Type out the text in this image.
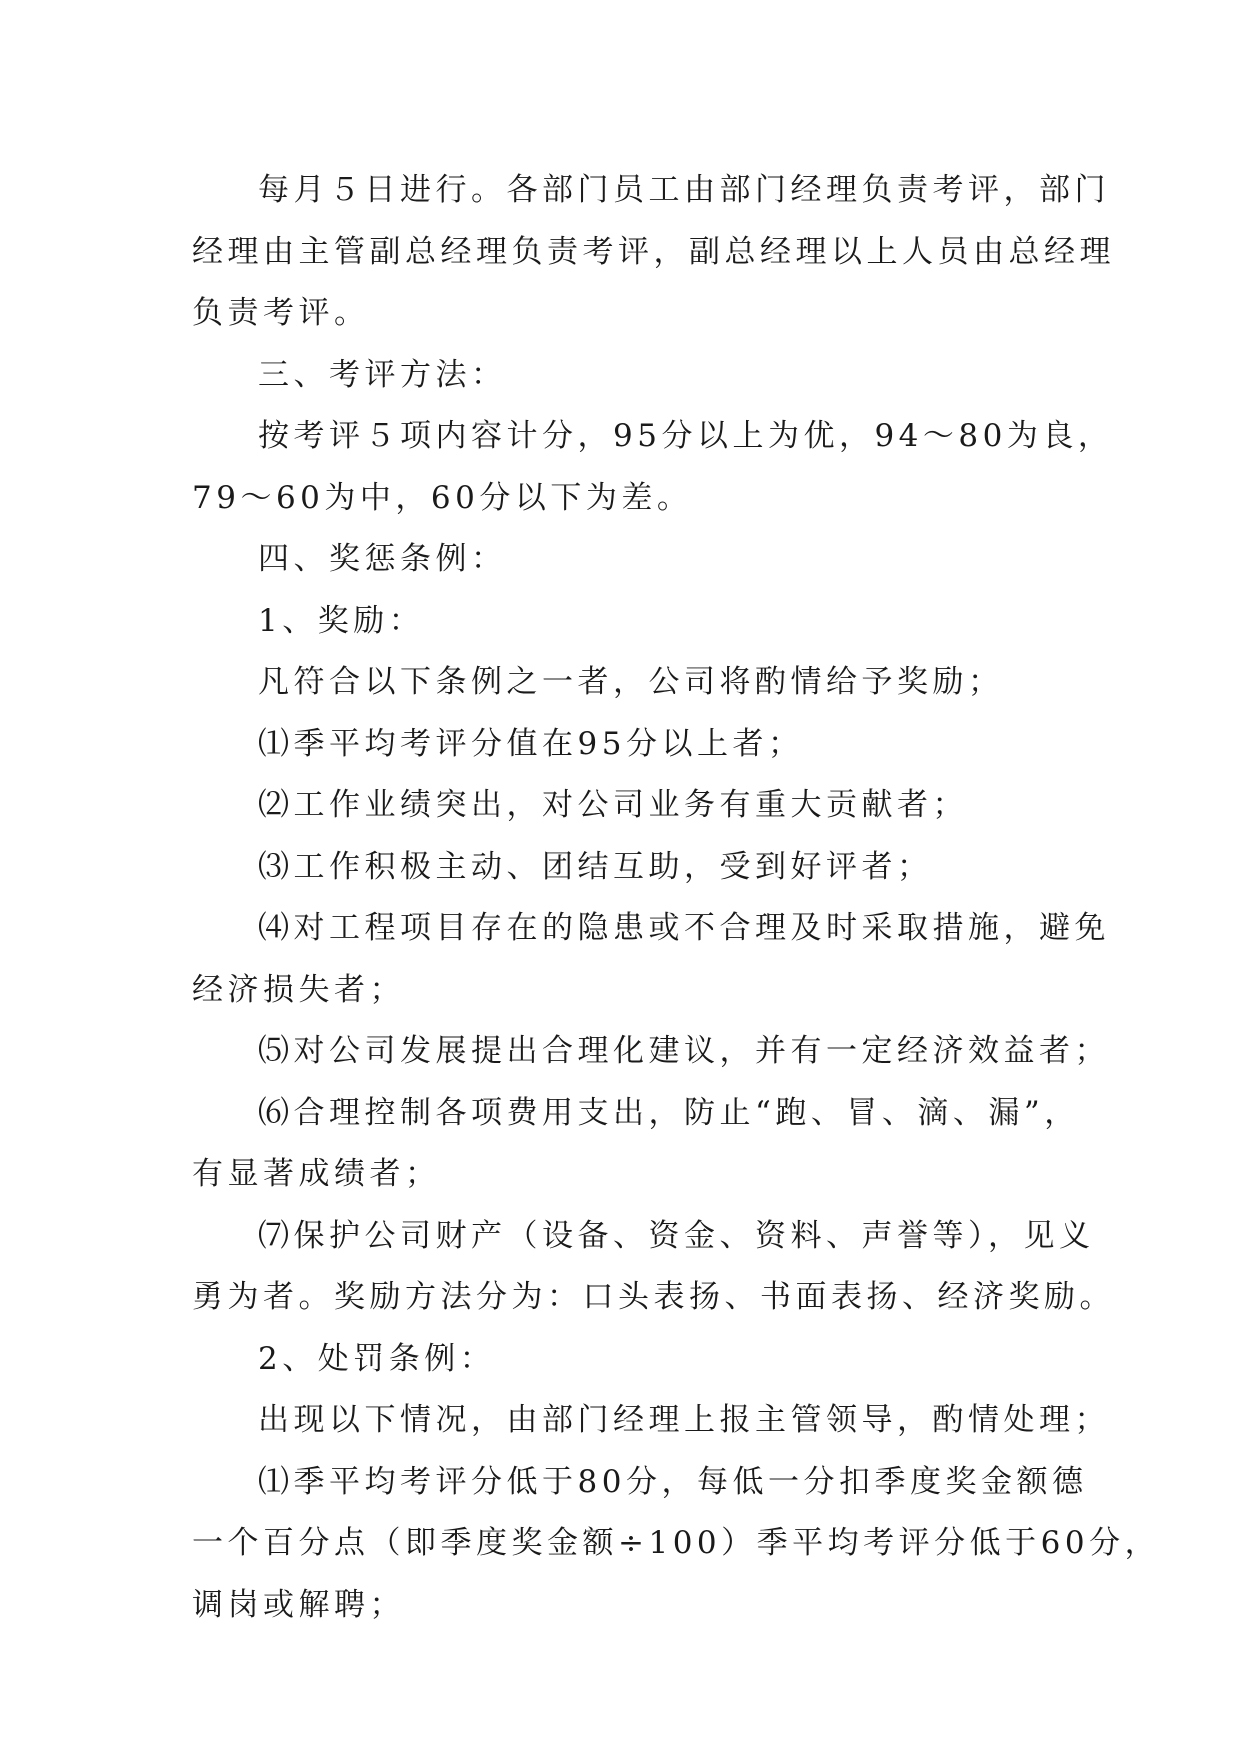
每月５日进行。各部门员工由部门经理负责考评，部门
经理由主管副总经理负责考评，副总经理以上人员由总经理
负责考评。
三、考评方法：
按考评５项内容计分，95分以上为优，94～80为良，
79～60为中，60分以下为差。
四、奖惩条例：
1、奖励：
凡符合以下条例之一者，公司将酌情给予奖励；
⑴季平均考评分值在95分以上者；
⑵工作业绩突出，对公司业务有重大贡献者；
⑶工作积极主动、团结互助，受到好评者；
⑷对工程项目存在的隐患或不合理及时采取措施，避免
经济损失者；
⑸对公司发展提出合理化建议，并有一定经济效益者；
⑹合理控制各项费用支出，防止“跑、冒、滴、漏”，
有显著成绩者；
⑺保护公司财产（设备、资金、资料、声誉等），见义
勇为者。奖励方法分为：口头表扬、书面表扬、经济奖励。
2、处罚条例：
出现以下情况，由部门经理上报主管领导，酌情处理；
⑴季平均考评分低于80分，每低一分扣季度奖金额德
一个百分点（即季度奖金额÷100）季平均考评分低于60分，
调岗或解聘；
